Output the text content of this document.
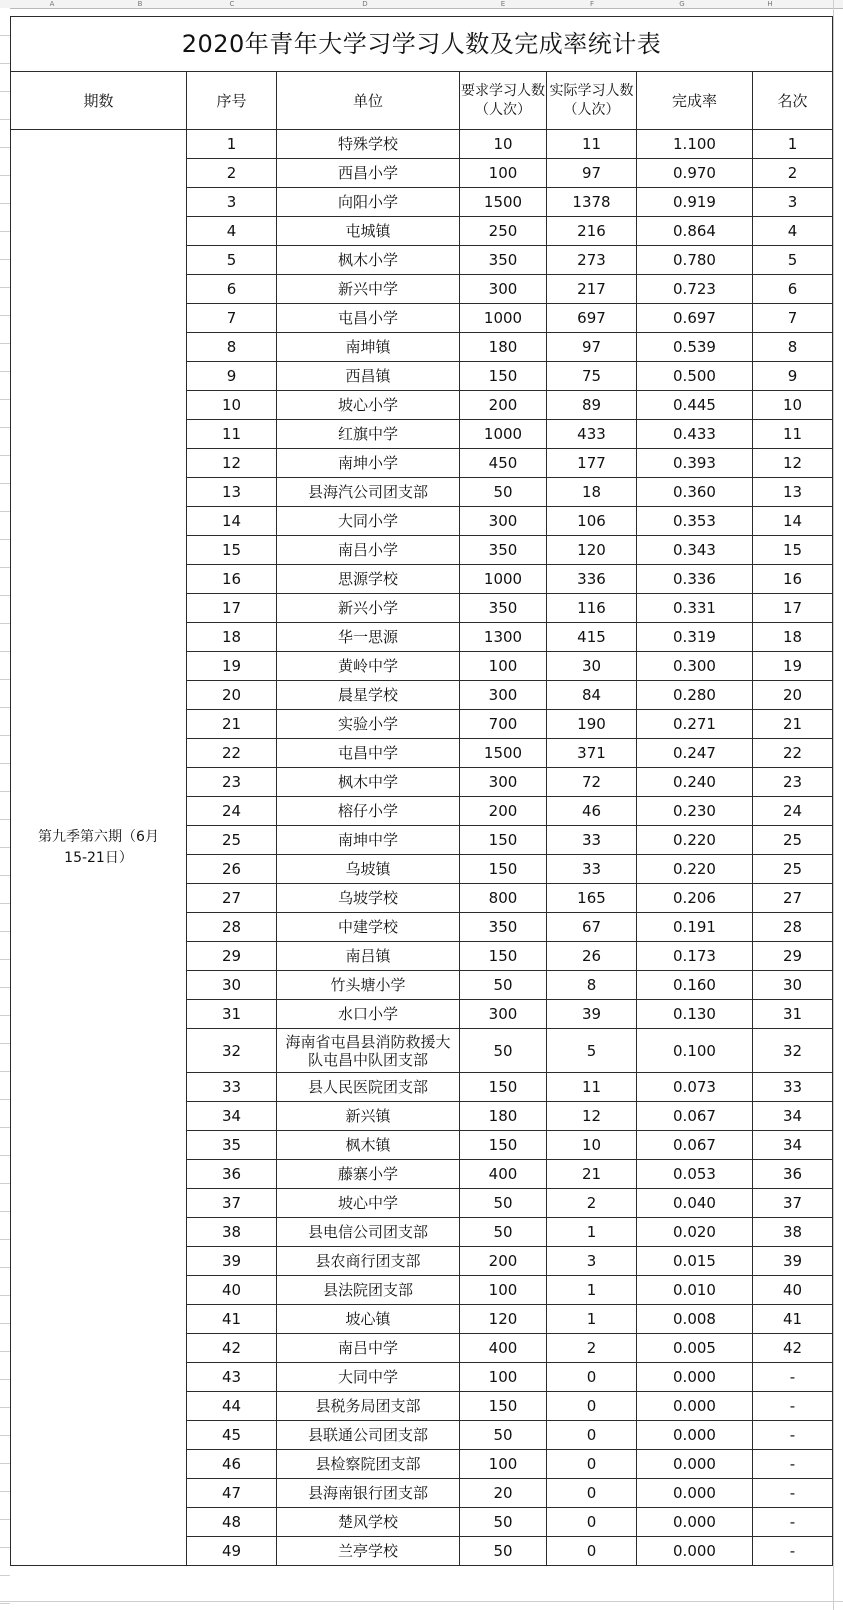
A	B	C	D	E	F	G	H
2020年青年大学习学习人数及完成率统计表						
期数	序号	单位	要求学习人数（人次）	实际学习人数（人次）	完成率	名次
第九季第六期（6月15-21日）	1	特殊学校	10	11	1.100	1
	2	西昌小学	100	97	0.970	2
	3	向阳小学	1500	1378	0.919	3
	4	屯城镇	250	216	0.864	4
	5	枫木小学	350	273	0.780	5
	6	新兴中学	300	217	0.723	6
	7	屯昌小学	1000	697	0.697	7
	8	南坤镇	180	97	0.539	8
	9	西昌镇	150	75	0.500	9
	10	坡心小学	200	89	0.445	10
	11	红旗中学	1000	433	0.433	11
	12	南坤小学	450	177	0.393	12
	13	县海汽公司团支部	50	18	0.360	13
	14	大同小学	300	106	0.353	14
	15	南吕小学	350	120	0.343	15
	16	思源学校	1000	336	0.336	16
	17	新兴小学	350	116	0.331	17
	18	华一思源	1300	415	0.319	18
	19	黄岭中学	100	30	0.300	19
	20	晨星学校	300	84	0.280	20
	21	实验小学	700	190	0.271	21
	22	屯昌中学	1500	371	0.247	22
	23	枫木中学	300	72	0.240	23
	24	榕仔小学	200	46	0.230	24
	25	南坤中学	150	33	0.220	25
	26	乌坡镇	150	33	0.220	25
	27	乌坡学校	800	165	0.206	27
	28	中建学校	350	67	0.191	28
	29	南吕镇	150	26	0.173	29
	30	竹头塘小学	50	8	0.160	30
	31	水口小学	300	39	0.130	31
	32	海南省屯昌县消防救援大队屯昌中队团支部	50	5	0.100	32
	33	县人民医院团支部	150	11	0.073	33
	34	新兴镇	180	12	0.067	34
	35	枫木镇	150	10	0.067	34
	36	藤寨小学	400	21	0.053	36
	37	坡心中学	50	2	0.040	37
	38	县电信公司团支部	50	1	0.020	38
	39	县农商行团支部	200	3	0.015	39
	40	县法院团支部	100	1	0.010	40
	41	坡心镇	120	1	0.008	41
	42	南吕中学	400	2	0.005	42
	43	大同中学	100	0	0.000	-
	44	县税务局团支部	150	0	0.000	-
	45	县联通公司团支部	50	0	0.000	-
	46	县检察院团支部	100	0	0.000	-
	47	县海南银行团支部	20	0	0.000	-
	48	楚风学校	50	0	0.000	-
	49	兰亭学校	50	0	0.000	-
